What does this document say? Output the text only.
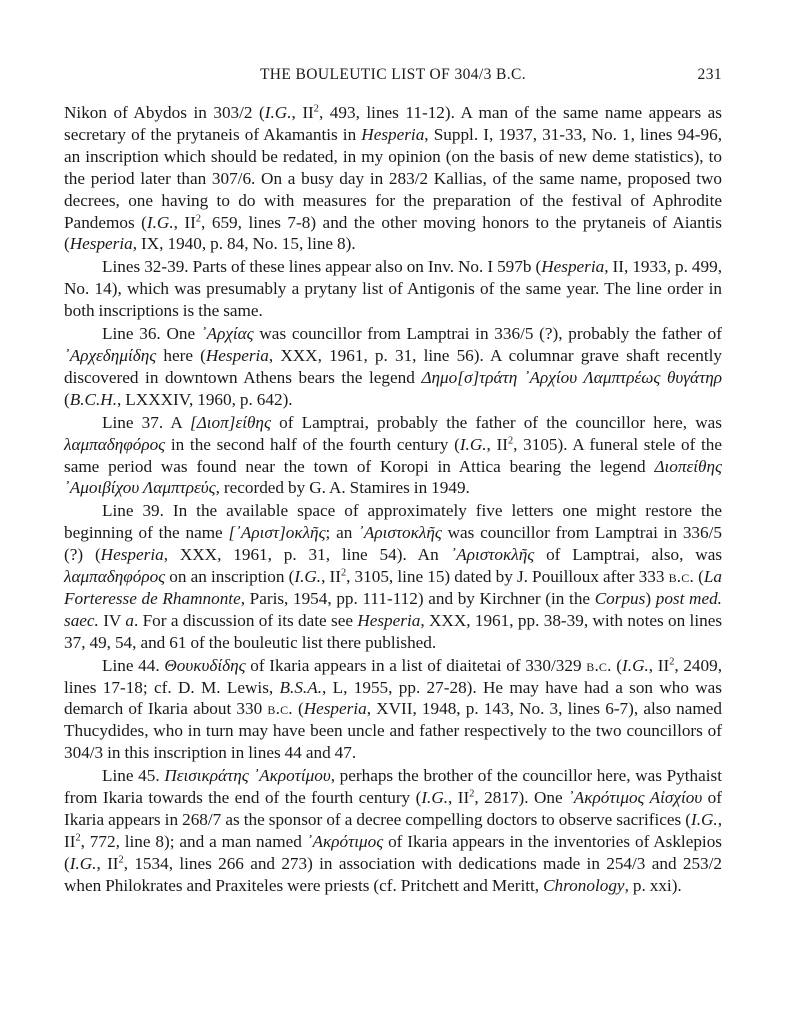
THE BOULEUTIC LIST OF 304/3 B.C.	231

Nikon of Abydos in 303/2 (I.G., $II^2$, 493, lines 11-12). A man of the same name appears as secretary of the prytaneis of Akamantis in Hesperia, Suppl. I, 1937, 31-33, No. 1, lines 94-96, an inscription which should be redated, in my opinion (on the basis of new deme statistics), to the period later than 307/6. On a busy day in 283/2 Kallias, of the same name, proposed two decrees, one having to do with measures for the preparation of the festival of Aphrodite Pandemos (I.G., $II^2$, 659, lines 7-8) and the other moving honors to the prytaneis of Aiantis (Hesperia, IX, 1940, p. 84, No. 15, line 8).

Lines 32-39. Parts of these lines appear also on Inv. No. I 597b (Hesperia, II, 1933, p. 499, No. 14), which was presumably a prytany list of Antigonis of the same year. The line order in both inscriptions is the same.

Line 36. One ᾿Αρχίας was councillor from Lamptrai in 336/5 (?), probably the father of ᾿Αρχεδημίδης here (Hesperia, XXX, 1961, p. 31, line 56). A columnar grave shaft recently discovered in downtown Athens bears the legend Δημο[σ]τράτη ᾿Αρχίου Λαμπτρέως θυγάτηρ (B.C.H., LXXXIV, 1960, p. 642).

Line 37. A [Διοπ]είθης of Lamptrai, probably the father of the councillor here, was λαμπαδηφόρος in the second half of the fourth century (I.G., $II^2$, 3105). A funeral stele of the same period was found near the town of Koropi in Attica bearing the legend Διοπείθης ᾿Αμοιβίχου Λαμπτρεύς, recorded by G. A. Stamires in 1949.

Line 39. In the available space of approximately five letters one might restore the beginning of the name [᾿Αριστ]οκλῆς; an ᾿Αριστοκλῆς was councillor from Lamptrai in 336/5 (?) (Hesperia, XXX, 1961, p. 31, line 54). An ᾿Αριστοκλῆς of Lamptrai, also, was λαμπαδηφόρος on an inscription (I.G., $II^2$, 3105, line 15) dated by J. Pouilloux after 333 b.c. (La Forteresse de Rhamnonte, Paris, 1954, pp. 111-112) and by Kirchner (in the Corpus) post med. saec. IV a. For a discussion of its date see Hesperia, XXX, 1961, pp. 38-39, with notes on lines 37, 49, 54, and 61 of the bouleutic list there published.

Line 44. Θουκυδίδης of Ikaria appears in a list of diaitetai of 330/329 b.c. (I.G., $II^2$, 2409, lines 17-18; cf. D. M. Lewis, B.S.A., L, 1955, pp. 27-28). He may have had a son who was demarch of Ikaria about 330 b.c. (Hesperia, XVII, 1948, p. 143, No. 3, lines 6-7), also named Thucydides, who in turn may have been uncle and father respectively to the two councillors of 304/3 in this inscription in lines 44 and 47.

Line 45. Πεισικράτης ᾿Ακροτίμου, perhaps the brother of the councillor here, was Pythaist from Ikaria towards the end of the fourth century (I.G., $II^2$, 2817). One ᾿Ακρότιμος Αἰσχίου of Ikaria appears in 268/7 as the sponsor of a decree compelling doctors to observe sacrifices (I.G., $II^2$, 772, line 8); and a man named ᾿Ακρότιμος of Ikaria appears in the inventories of Asklepios (I.G., $II^2$, 1534, lines 266 and 273) in association with dedications made in 254/3 and 253/2 when Philokrates and Praxiteles were priests (cf. Pritchett and Meritt, Chronology, p. xxi).
